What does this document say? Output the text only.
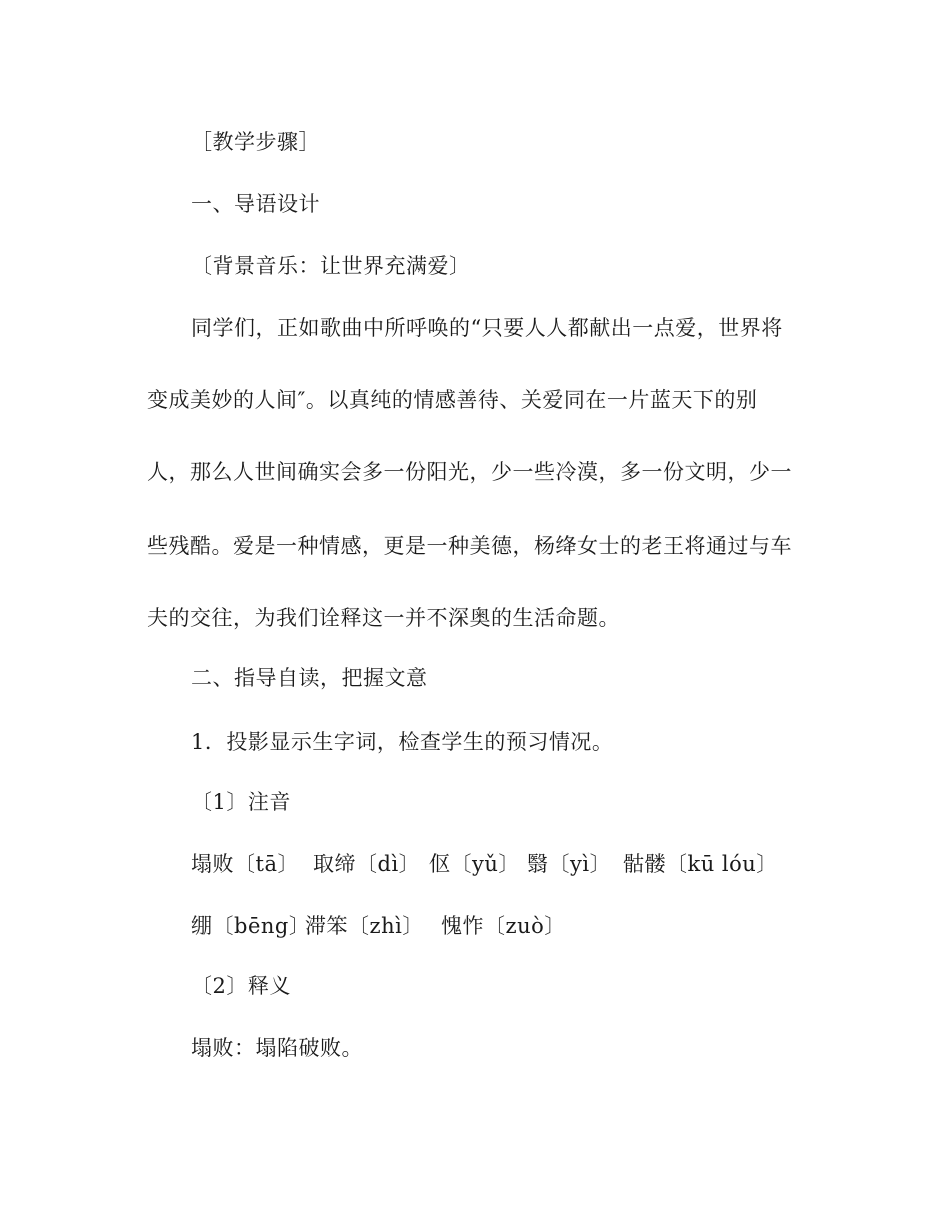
［教学步骤］
一、导语设计
〔背景音乐：让世界充满爱〕
同学们，正如歌曲中所呼唤的“只要人人都献出一点爱，世界将
变成美妙的人间″。以真纯的情感善待、关爱同在一片蓝天下的别
人，那么人世间确实会多一份阳光，少一些冷漠，多一份文明，少一
些残酷。爱是一种情感，更是一种美德，杨绛女士的老王将通过与车
夫的交往，为我们诠释这一并不深奥的生活命题。
二、指导自读，把握文意
1．投影显示生字词，检查学生的预习情况。
〔1〕注音
塌败〔tā〕 取缔〔dì〕 伛〔yǔ〕 翳〔yì〕 骷髅〔kū lóu〕
绷〔bēng〕滞笨〔zhì〕 愧怍〔zuò〕
〔2〕释义
塌败：塌陷破败。
